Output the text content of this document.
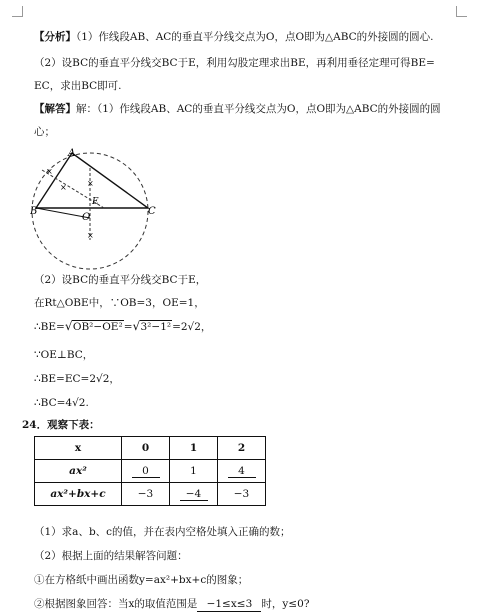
【分析】（1）作线段AB、AC的垂直平分线交点为O，点O即为△ABC的外接圆的圆心.
（2）设BC的垂直平分线交BC于E，利用勾股定理求出BE，再利用垂径定理可得BE=
EC，求出BC即可.
【解答】解：（1）作线段AB、AC的垂直平分线交点为O，点O即为△ABC的外接圆的圆
心；
×
×	×
×
A
B	C
E
O
（2）设BC的垂直平分线交BC于E，
在Rt△OBE中，∵OB=3，OE=1，
∴BE= √ OB²−OE²= √ 3²−1²=2√2，
∵OE⊥BC，
∴BE=EC=2√2，
∴BC=4√2.
24．观察下表：
x	0	1	2
ax²	0	1	4
ax²+bx+c	−3	−4	−3
（1）求a、b、c的值，并在表内空格处填入正确的数；
（2）根据上面的结果解答问题：
①在方格纸中画出函数y=ax²+bx+c的图象；
②根据图象回答：当x的取值范围是 −1≤x≤3 时，y≤0?
